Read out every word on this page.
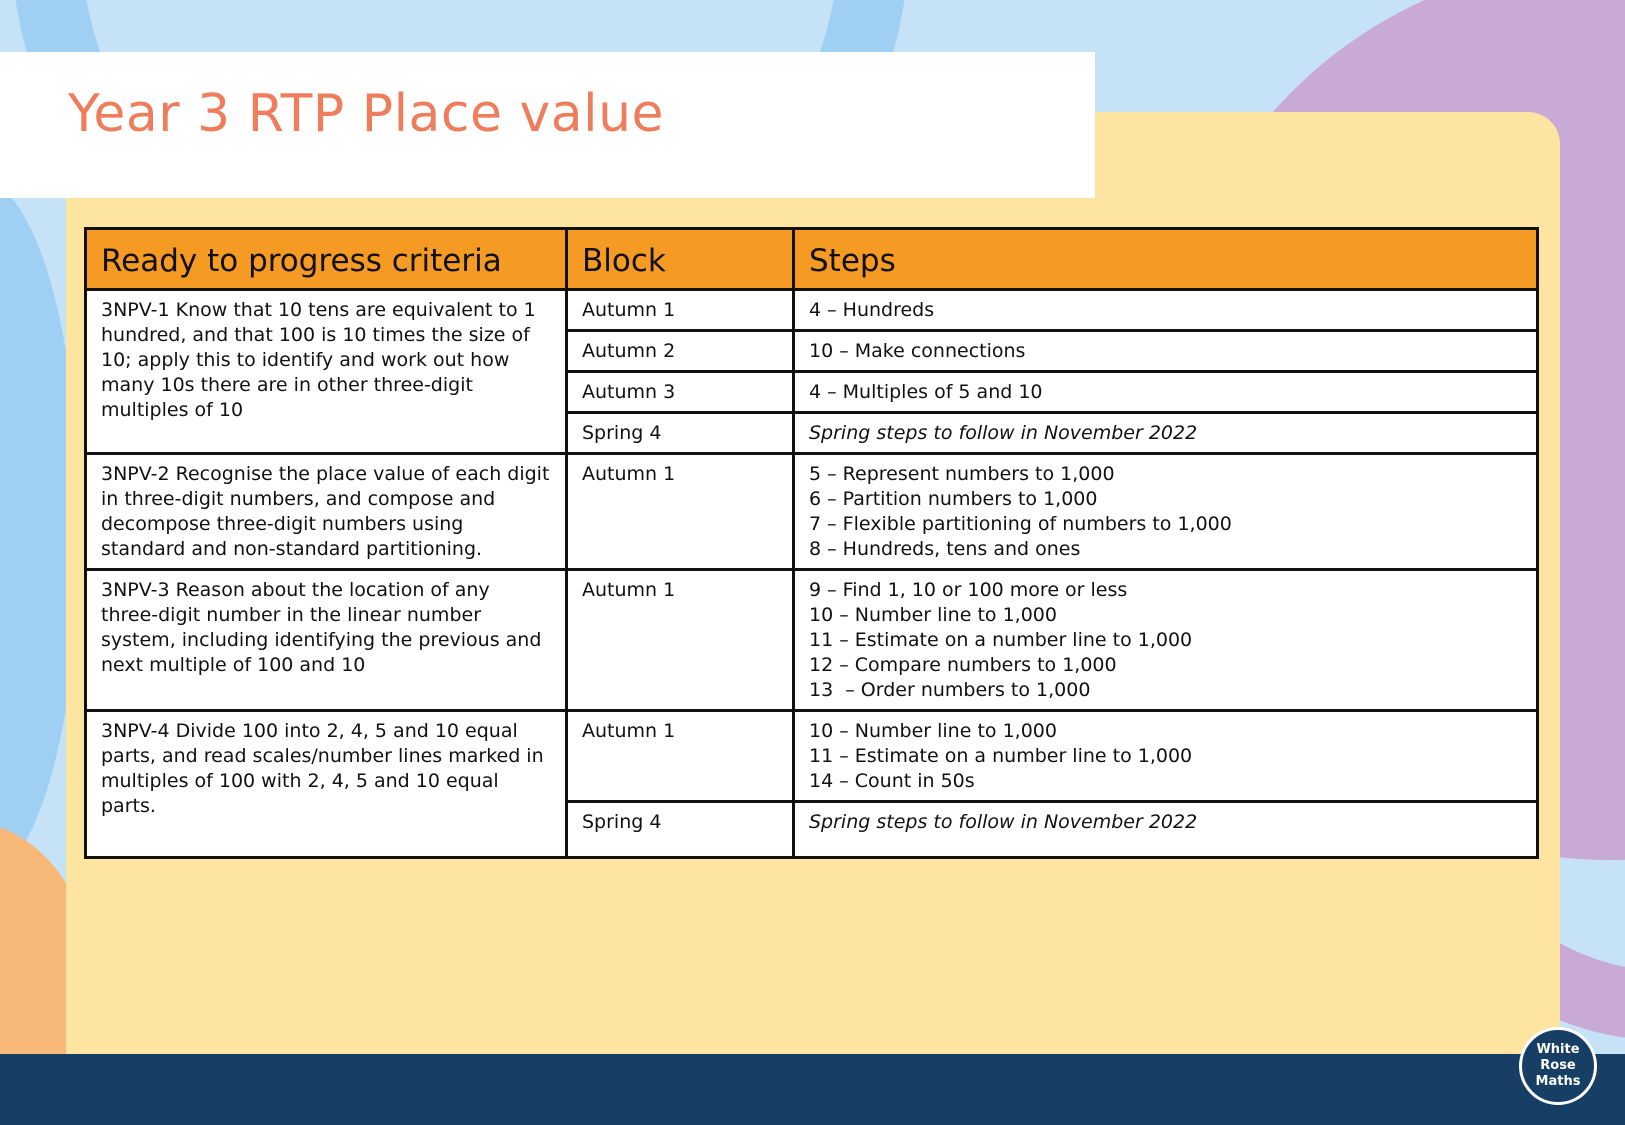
Year 3 RTP Place value
Ready to progress criteria	Block	Steps
3NPV-1 Know that 10 tens are equivalent to 1 hundred, and that 100 is 10 times the size of 10; apply this to identify and work out how many 10s there are in other three-digit multiples of 10	Autumn 1	4 – Hundreds

	Autumn 2	10 – Make connections

	Autumn 3	4 – Multiples of 5 and 10

	Spring 4	Spring steps to follow in November 2022

3NPV-2 Recognise the place value of each digit in three-digit numbers, and compose and decompose three-digit numbers using standard and non-standard partitioning.	Autumn 1	5 – Represent numbers to 1,000
6 – Partition numbers to 1,000
7 – Flexible partitioning of numbers to 1,000
8 – Hundreds, tens and ones

3NPV-3 Reason about the location of any three-digit number in the linear number system, including identifying the previous and next multiple of 100 and 10	Autumn 1	9 – Find 1, 10 or 100 more or less
10 – Number line to 1,000
11 – Estimate on a number line to 1,000
12 – Compare numbers to 1,000
13  – Order numbers to 1,000

3NPV-4 Divide 100 into 2, 4, 5 and 10 equal parts, and read scales/number lines marked in multiples of 100 with 2, 4, 5 and 10 equal parts.	Autumn 1	10 – Number line to 1,000
11 – Estimate on a number line to 1,000
14 – Count in 50s

	Spring 4	Spring steps to follow in November 2022
White
Rose
Maths
